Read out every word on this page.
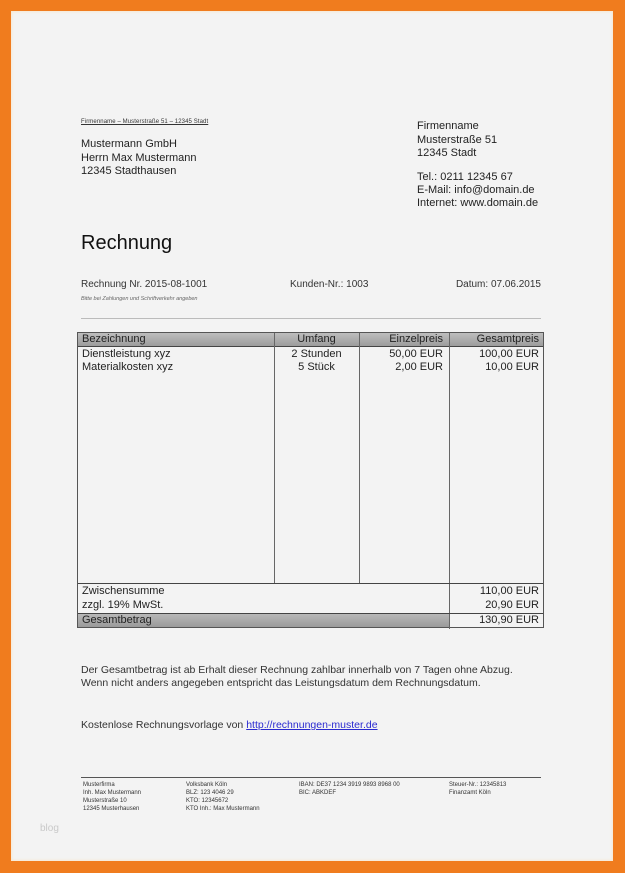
Firmenname – Musterstraße 51 – 12345 Stadt
Mustermann GmbH
Herrn Max Mustermann
12345 Stadthausen
Firmenname
Musterstraße 51
12345 Stadt
Tel.: 0211 12345 67
E-Mail: info@domain.de
Internet: www.domain.de
Rechnung
Rechnung Nr. 2015-08-1001	Kunden-Nr.: 1003	Datum: 07.06.2015
Bitte bei Zahlungen und Schriftverkehr angeben
Bezeichnung	Umfang	Einzelpreis	Gesamtpreis
Dienstleistung xyz	2 Stunden	50,00 EUR	100,00 EUR
Materialkosten xyz	5 Stück	2,00 EUR	10,00 EUR
Zwischensumme	110,00 EUR
zzgl. 19% MwSt.	20,90 EUR
Gesamtbetrag	130,90 EUR
Der Gesamtbetrag ist ab Erhalt dieser Rechnung zahlbar innerhalb von 7 Tagen ohne Abzug.
Wenn nicht anders angegeben entspricht das Leistungsdatum dem Rechnungsdatum.
Kostenlose Rechnungsvorlage von http://rechnungen-muster.de
Musterfirma
Inh. Max Mustermann
Musterstraße 10
12345 Musterhausen
Volksbank Köln
BLZ: 123 4046 29
KTO: 12345672
KTO Inh.: Max Mustermann
IBAN: DE37 1234 3919 9893 8968 00
BIC: ABKDEF
Steuer-Nr.: 12345813
Finanzamt Köln
blog
